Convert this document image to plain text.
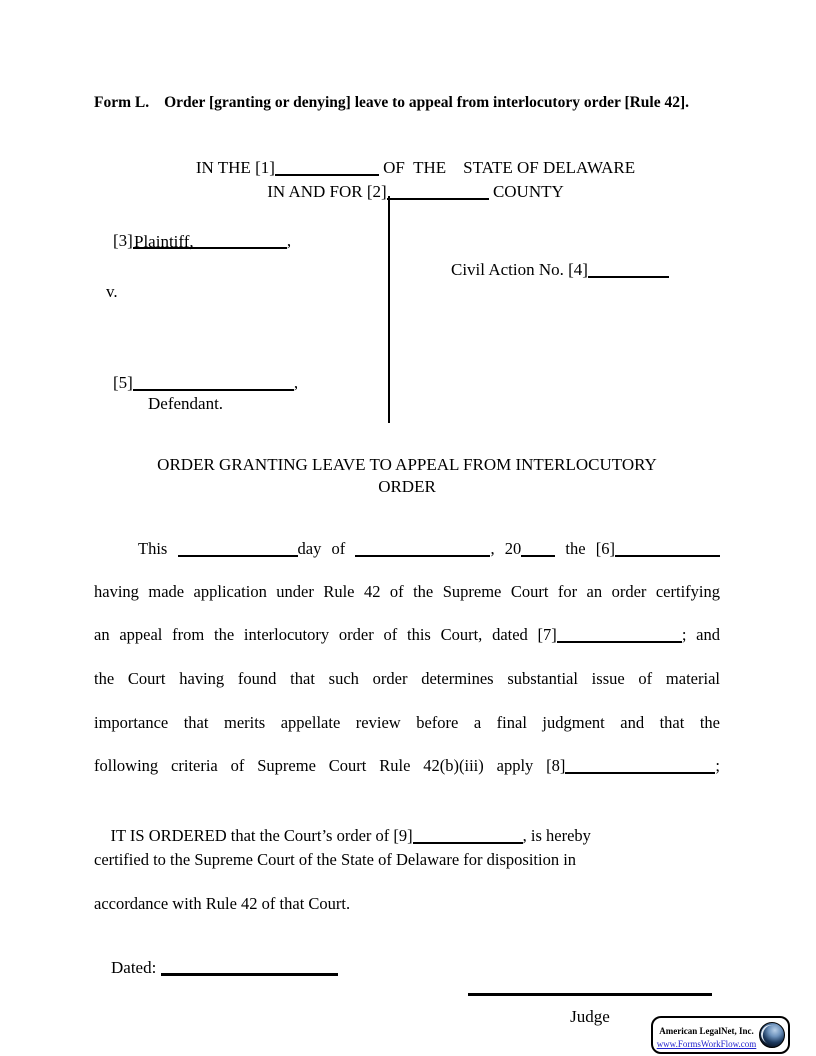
Form L. Order [granting or denying] leave to appeal from interlocutory order [Rule 42].

IN THE [1]	OF  THE    STATE OF DELAWARE

IN AND FOR [2]	COUNTY

[3]	,

Plaintiff,
v.

[5]	,

Defendant.

Civil Action No. [4]

ORDER GRANTING LEAVE TO APPEAL FROM INTERLOCUTORY
ORDER
This	day of	, 20 the [6]
having made application under Rule 42 of the Supreme Court for an order certifying
an appeal from the interlocutory order of this Court, dated [7]	; and
the Court having found that such order determines substantial issue of material
importance that merits appellate review before a final judgment and that the
following criteria of Supreme Court Rule 42(b)(iii) apply [8]	;

IT IS ORDERED that the Court’s order of [9]	, is hereby

certified to the Supreme Court of the State of Delaware for disposition in
accordance with Rule 42 of that Court.

Dated:

Judge
American LegalNet, Inc.
www.FormsWorkFlow.com
